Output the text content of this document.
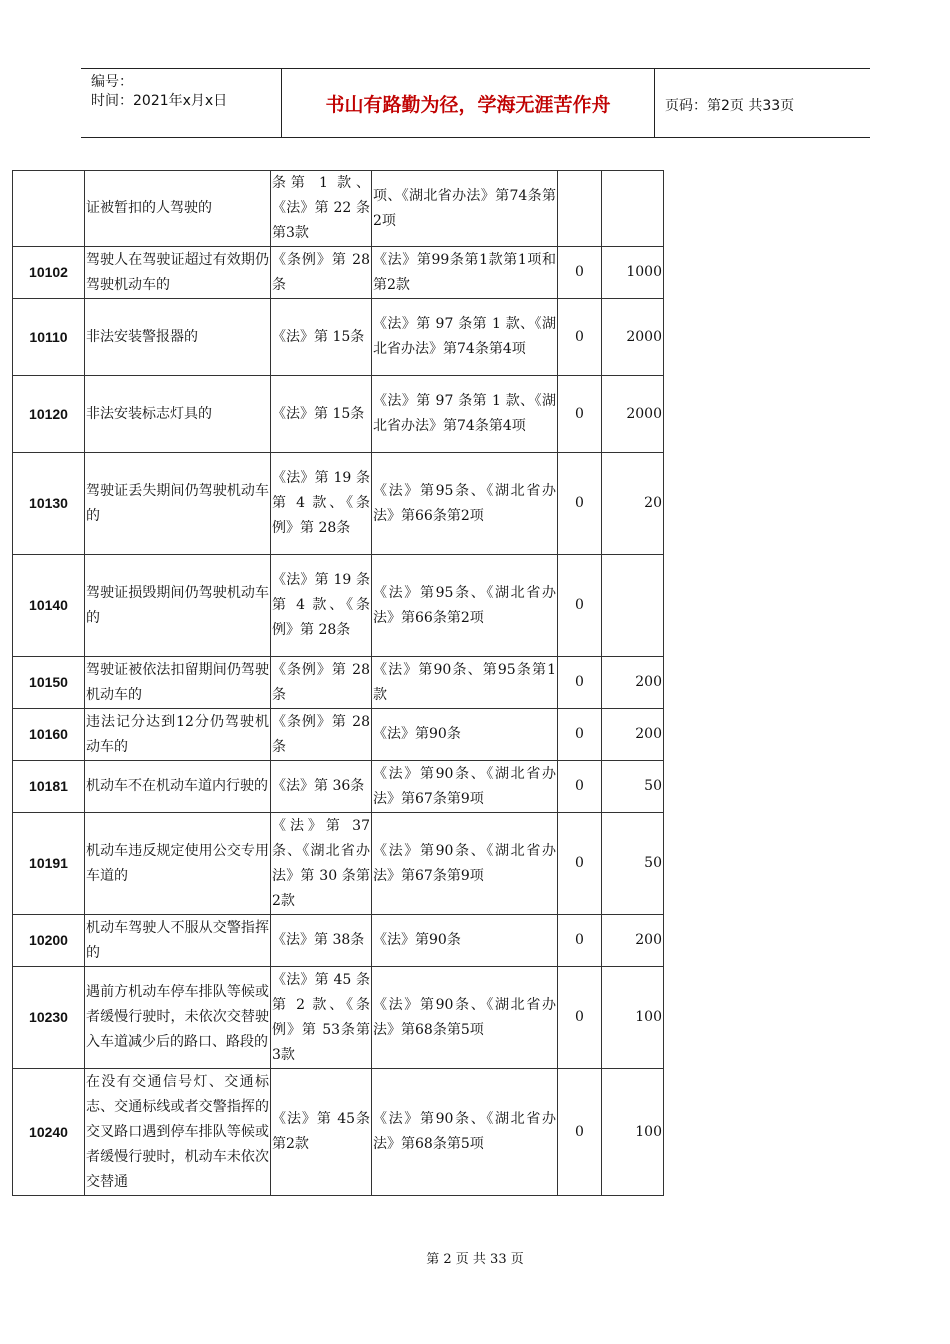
编号：
时间：2021年x月x日	书山有路勤为径，学海无涯苦作舟	页码：第2页 共33页
	证被暂扣的人驾驶的	条第 1 款、《法》第 22 条第3款	项、《湖北省办法》第74条第2项		
10102	驾驶人在驾驶证超过有效期仍驾驶机动车的	《条例》第 28条	《法》第99条第1款第1项和第2款	0	1000
10110	非法安装警报器的	《法》第 15条	《法》第 97 条第 1 款、《湖北省办法》第74条第4项	0	2000
10120	非法安装标志灯具的	《法》第 15条	《法》第 97 条第 1 款、《湖北省办法》第74条第4项	0	2000
10130	驾驶证丢失期间仍驾驶机动车的	《法》第 19 条第 4 款、《条例》第 28条	《法》第95条、《湖北省办法》第66条第2项	0	20
10140	驾驶证损毁期间仍驾驶机动车的	《法》第 19 条第 4 款、《条例》第 28条	《法》第95条、《湖北省办法》第66条第2项	0	
10150	驾驶证被依法扣留期间仍驾驶机动车的	《条例》第 28条	《法》第90条、第95条第1款	0	200
10160	违法记分达到12分仍驾驶机动车的	《条例》第 28条	《法》第90条	0	200
10181	机动车不在机动车道内行驶的	《法》第 36条	《法》第90条、《湖北省办法》第67条第9项	0	50
10191	机动车违反规定使用公交专用车道的	《法》第 37 条、《湖北省办法》第 30 条第2款	《法》第90条、《湖北省办法》第67条第9项	0	50
10200	机动车驾驶人不服从交警指挥的	《法》第 38条	《法》第90条	0	200
10230	遇前方机动车停车排队等候或者缓慢行驶时，未依次交替驶入车道减少后的路口、路段的	《法》第 45 条第 2 款、《条例》第 53条第3款	《法》第90条、《湖北省办法》第68条第5项	0	100
10240	在没有交通信号灯、交通标志、交通标线或者交警指挥的交叉路口遇到停车排队等候或者缓慢行驶时，机动车未依次交替通	《法》第 45条第2款	《法》第90条、《湖北省办法》第68条第5项	0	100
第 2 页 共 33 页
